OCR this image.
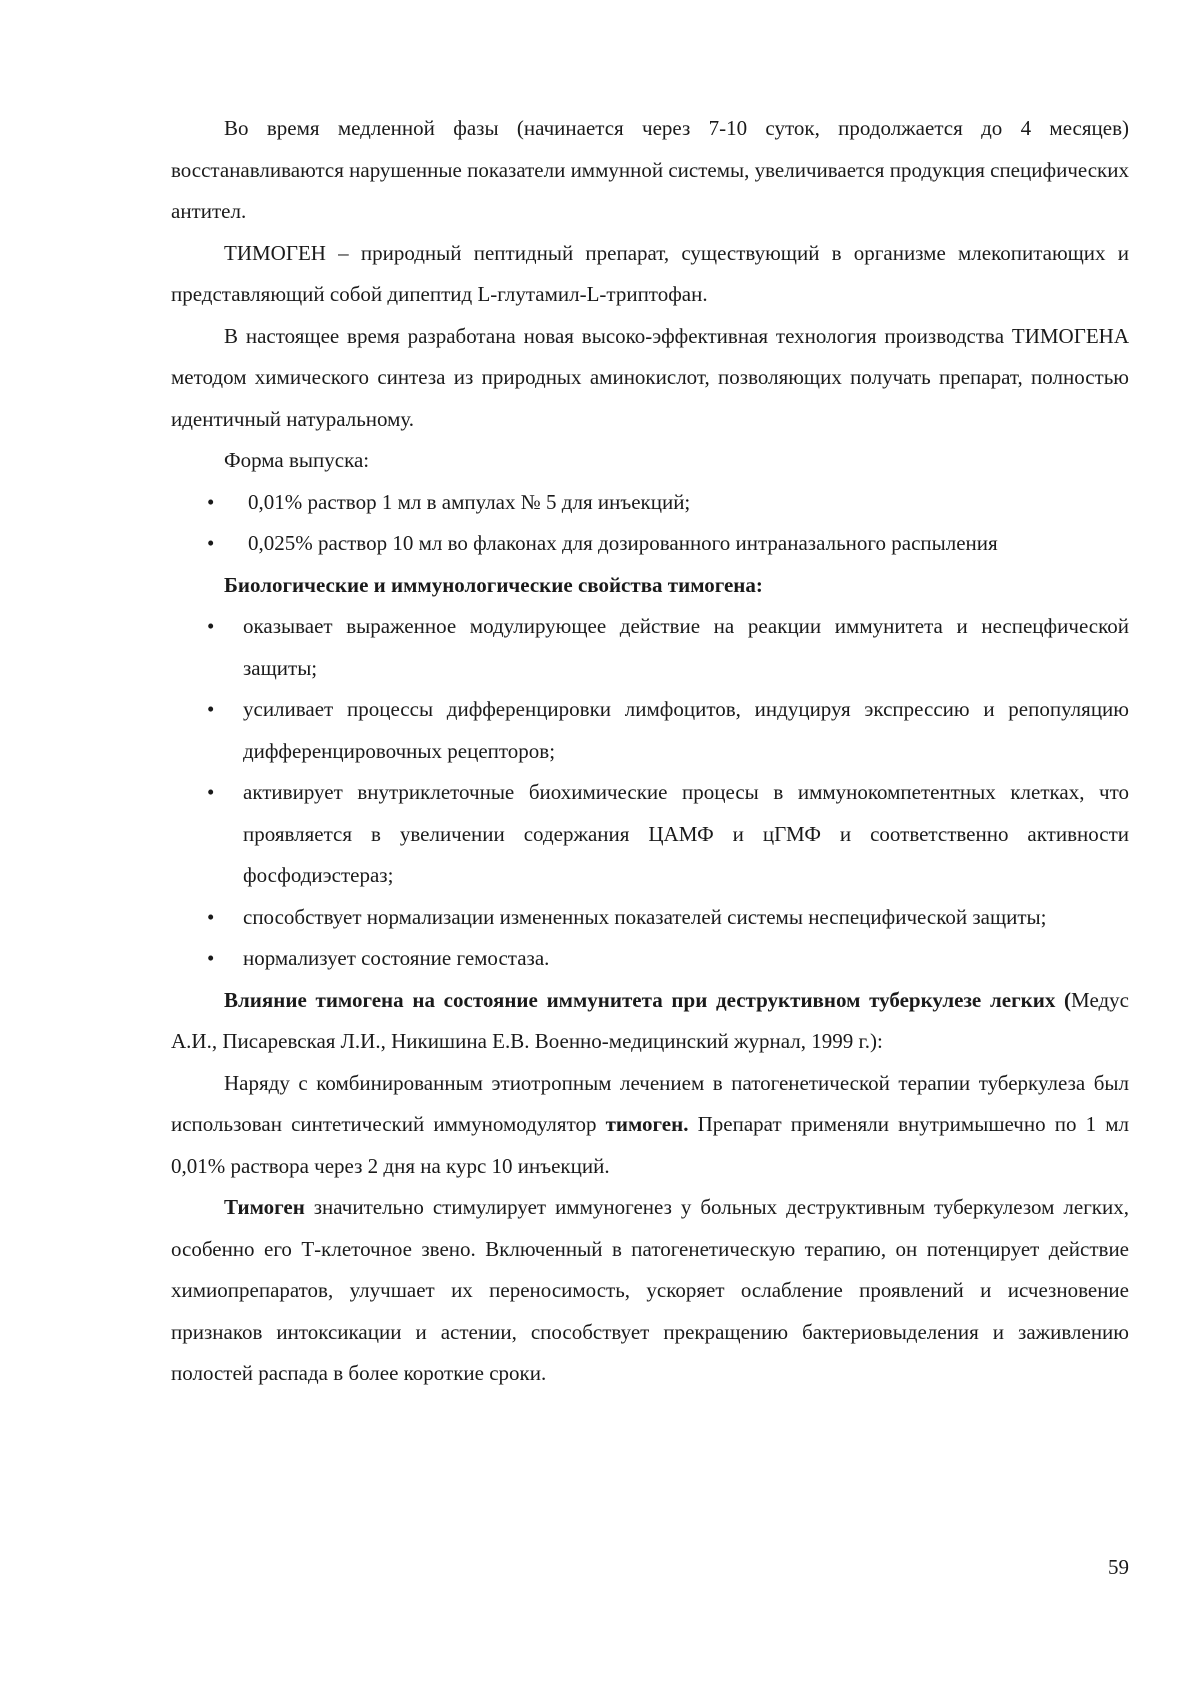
Во время медленной фазы (начинается через 7-10 суток, продолжается до 4 месяцев) восстанавливаются нарушенные показатели иммунной системы, увеличивается продукция специфических антител.

ТИМОГЕН – природный пептидный препарат, существующий в организме млекопитающих и представляющий собой дипептид L-глутамил-L-триптофан.

В настоящее время разработана новая высоко-эффективная технология производства ТИМОГЕНА методом химического синтеза из природных аминокислот, позволяющих получать препарат, полностью идентичный натуральному.

Форма выпуска:

• 0,01% раствор 1 мл в ампулах № 5 для инъекций;
• 0,025% раствор 10 мл во флаконах для дозированного интраназального распыления

Биологические и иммунологические свойства тимогена:

• оказывает выраженное модулирующее действие на реакции иммунитета и неспецфической защиты;
• усиливает процессы дифференцировки лимфоцитов, индуцируя экспрессию и репопуляцию дифференцировочных рецепторов;
• активирует внутриклеточные биохимические процесы в иммунокомпетентных клетках, что проявляется в увеличении содержания ЦАМФ и цГМФ и соответственно активности фосфодиэстераз;
• способствует нормализации измененных показателей системы неспецифической защиты;
• нормализует состояние гемостаза.

Влияние тимогена на состояние иммунитета при деструктивном туберкулезе легких (Медус А.И., Писаревская Л.И., Никишина Е.В. Военно-медицинский журнал, 1999 г.):

Наряду с комбинированным этиотропным лечением в патогенетической терапии туберкулеза был использован синтетический иммуномодулятор тимоген. Препарат применяли внутримышечно по 1 мл 0,01% раствора через 2 дня на курс 10 инъекций.

Тимоген значительно стимулирует иммуногенез у больных деструктивным туберкулезом легких, особенно его Т-клеточное звено. Включенный в патогенетическую терапию, он потенцирует действие химиопрепаратов, улучшает их переносимость, ускоряет ослабление проявлений и исчезновение признаков интоксикации и астении, способствует прекращению бактериовыделения и заживлению полостей распада в более короткие сроки.

59
